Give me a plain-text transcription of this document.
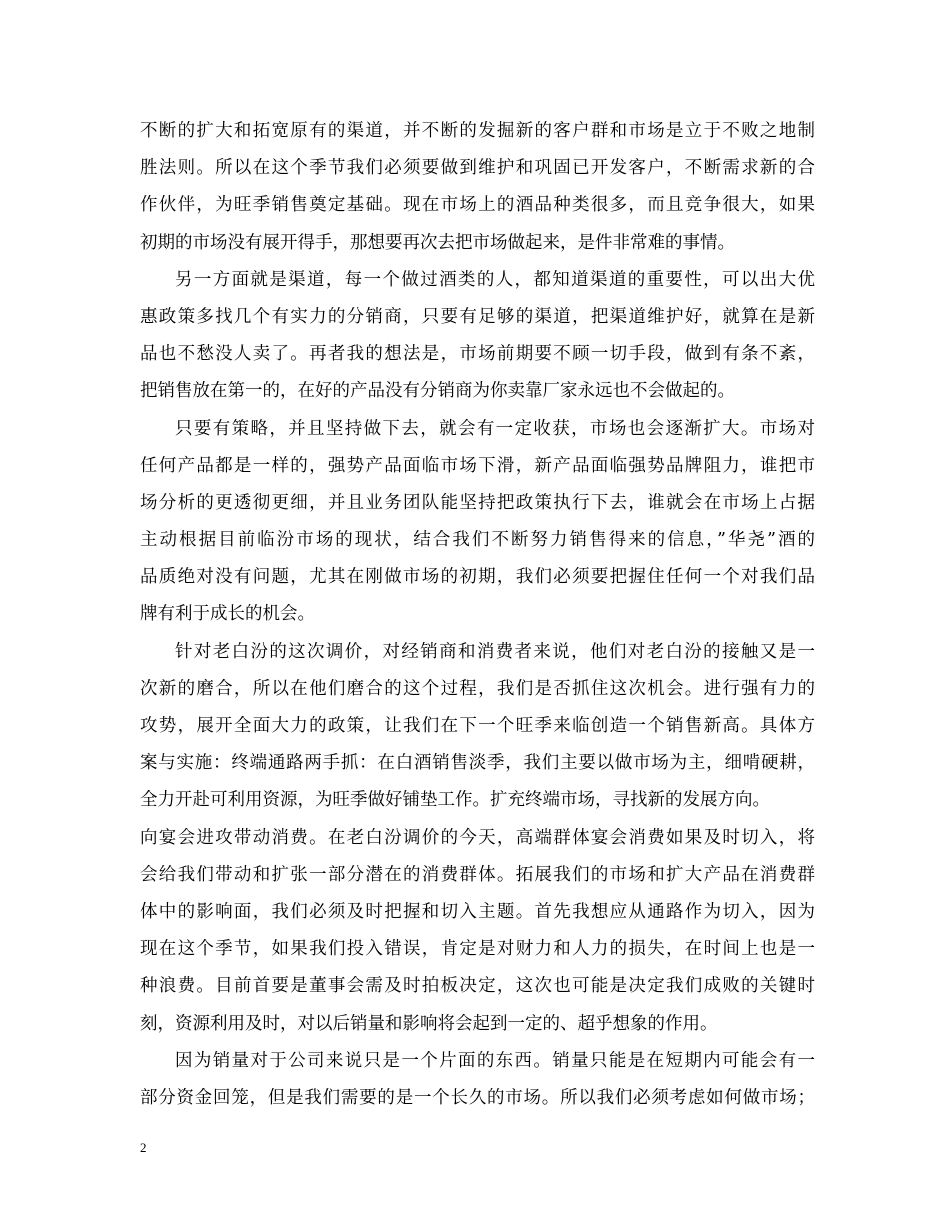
不断的扩大和拓宽原有的渠道，并不断的发掘新的客户群和市场是立于不败之地制
胜法则。所以在这个季节我们必须要做到维护和巩固已开发客户，不断需求新的合
作伙伴，为旺季销售奠定基础。现在市场上的酒品种类很多，而且竞争很大，如果
初期的市场没有展开得手，那想要再次去把市场做起来，是件非常难的事情。
另一方面就是渠道，每一个做过酒类的人，都知道渠道的重要性，可以出大优
惠政策多找几个有实力的分销商，只要有足够的渠道，把渠道维护好，就算在是新
品也不愁没人卖了。再者我的想法是，市场前期要不顾一切手段，做到有条不紊，
把销售放在第一的，在好的产品没有分销商为你卖靠厂家永远也不会做起的。
只要有策略，并且坚持做下去，就会有一定收获，市场也会逐渐扩大。市场对
任何产品都是一样的，强势产品面临市场下滑，新产品面临强势品牌阻力，谁把市
场分析的更透彻更细，并且业务团队能坚持把政策执行下去，谁就会在市场上占据
主动根据目前临汾市场的现状，结合我们不断努力销售得来的信息，”华尧”酒的
品质绝对没有问题，尤其在刚做市场的初期，我们必须要把握住任何一个对我们品
牌有利于成长的机会。
针对老白汾的这次调价，对经销商和消费者来说，他们对老白汾的接触又是一
次新的磨合，所以在他们磨合的这个过程，我们是否抓住这次机会。进行强有力的
攻势，展开全面大力的政策，让我们在下一个旺季来临创造一个销售新高。具体方
案与实施：终端通路两手抓：在白酒销售淡季，我们主要以做市场为主，细啃硬耕，
全力开赴可利用资源，为旺季做好铺垫工作。扩充终端市场，寻找新的发展方向。
向宴会进攻带动消费。在老白汾调价的今天，高端群体宴会消费如果及时切入，将
会给我们带动和扩张一部分潜在的消费群体。拓展我们的市场和扩大产品在消费群
体中的影响面，我们必须及时把握和切入主题。首先我想应从通路作为切入，因为
现在这个季节，如果我们投入错误，肯定是对财力和人力的损失，在时间上也是一
种浪费。目前首要是董事会需及时拍板决定，这次也可能是决定我们成败的关键时
刻，资源利用及时，对以后销量和影响将会起到一定的、超乎想象的作用。
因为销量对于公司来说只是一个片面的东西。销量只能是在短期内可能会有一
部分资金回笼，但是我们需要的是一个长久的市场。所以我们必须考虑如何做市场；
2
